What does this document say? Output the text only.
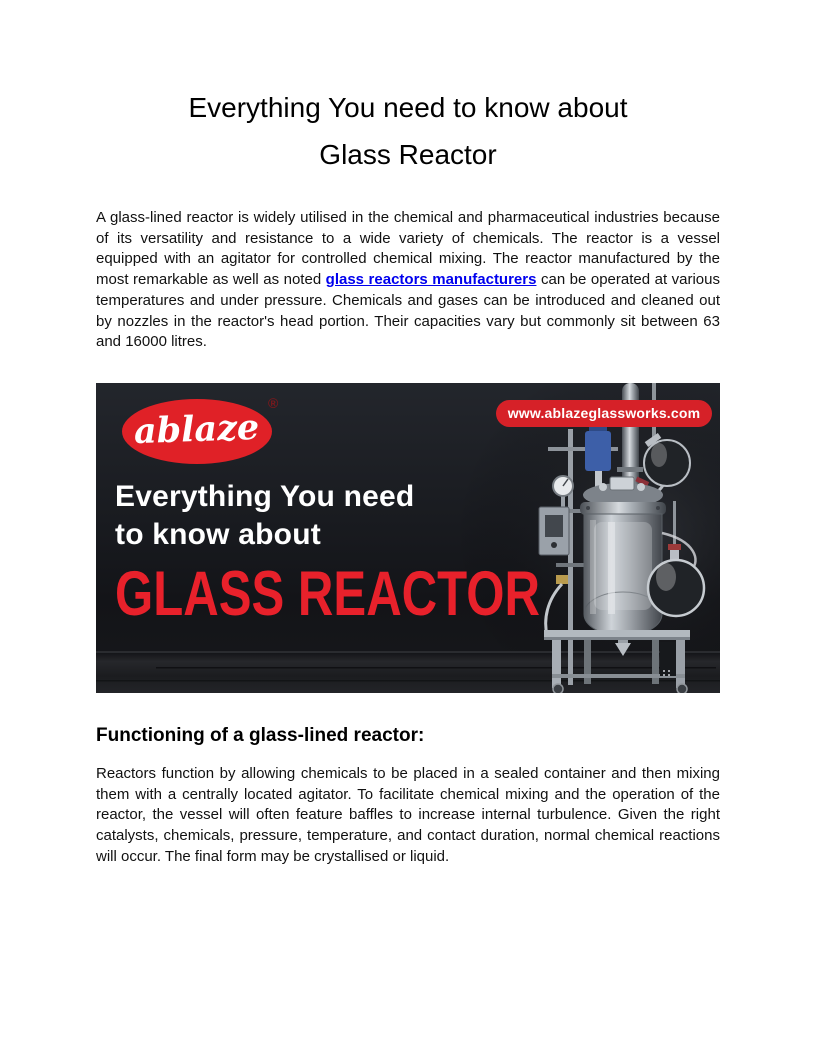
Everything You need to know about
Glass Reactor

A glass-lined reactor is widely utilised in the chemical and pharmaceutical industries because of its versatility and resistance to a wide variety of chemicals. The reactor is a vessel equipped with an agitator for controlled chemical mixing. The reactor manufactured by the most remarkable as well as noted glass reactors manufacturers can be operated at various temperatures and under pressure. Chemicals and gases can be introduced and cleaned out by nozzles in the reactor's head portion. Their capacities vary but commonly sit between 63 and 16000 litres.

ablaze
®
www.ablazeglassworks.com
Everything You need
to know about
GLASS REACTOR
Functioning of a glass-lined reactor:

Reactors function by allowing chemicals to be placed in a sealed container and then mixing them with a centrally located agitator. To facilitate chemical mixing and the operation of the reactor, the vessel will often feature baffles to increase internal turbulence. Given the right catalysts, chemicals, pressure, temperature, and contact duration, normal chemical reactions will occur. The final form may be crystallised or liquid.
